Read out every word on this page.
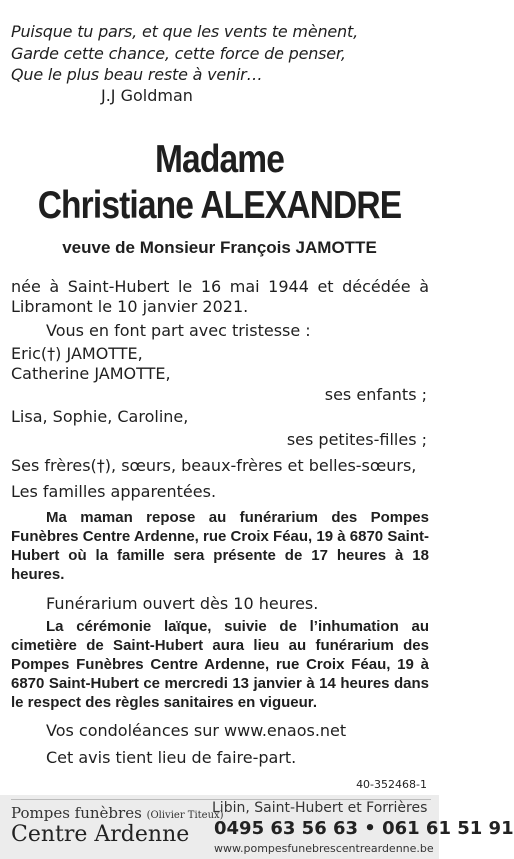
Puisque tu pars, et que les vents te mènent,
Garde cette chance, cette force de penser,
Que le plus beau reste à venir…
J.J Goldman
Madame
Christiane ALEXANDRE
veuve de Monsieur François JAMOTTE
née à Saint-Hubert le 16 mai 1944 et décédée à Libramont le 10 janvier 2021.
Vous en font part avec tristesse :
Eric(†) JAMOTTE,
Catherine JAMOTTE,
ses enfants ;
Lisa, Sophie, Caroline,
ses petites-filles ;
Ses frères(†), sœurs, beaux-frères et belles-sœurs,
Les familles apparentées.
Ma maman repose au funérarium des Pompes Funèbres Centre Ardenne, rue Croix Féau, 19 à 6870 Saint-Hubert où la famille sera présente de 17 heures à 18 heures.
Funérarium ouvert dès 10 heures.
La cérémonie laïque, suivie de l’inhumation au cimetière de Saint-Hubert aura lieu au funérarium des Pompes Funèbres Centre Ardenne, rue Croix Féau, 19 à 6870 Saint-Hubert ce mercredi 13 janvier à 14 heures dans le respect des règles sanitaires en vigueur.
Vos condoléances sur www.enaos.net
Cet avis tient lieu de faire-part.
40-352468-1
Pompes funèbres (Olivier Titeux)
Centre Ardenne
Libin, Saint-Hubert et Forrières
0495 63 56 63 • 061 61 51 91
www.pompesfunebrescentreardenne.be
